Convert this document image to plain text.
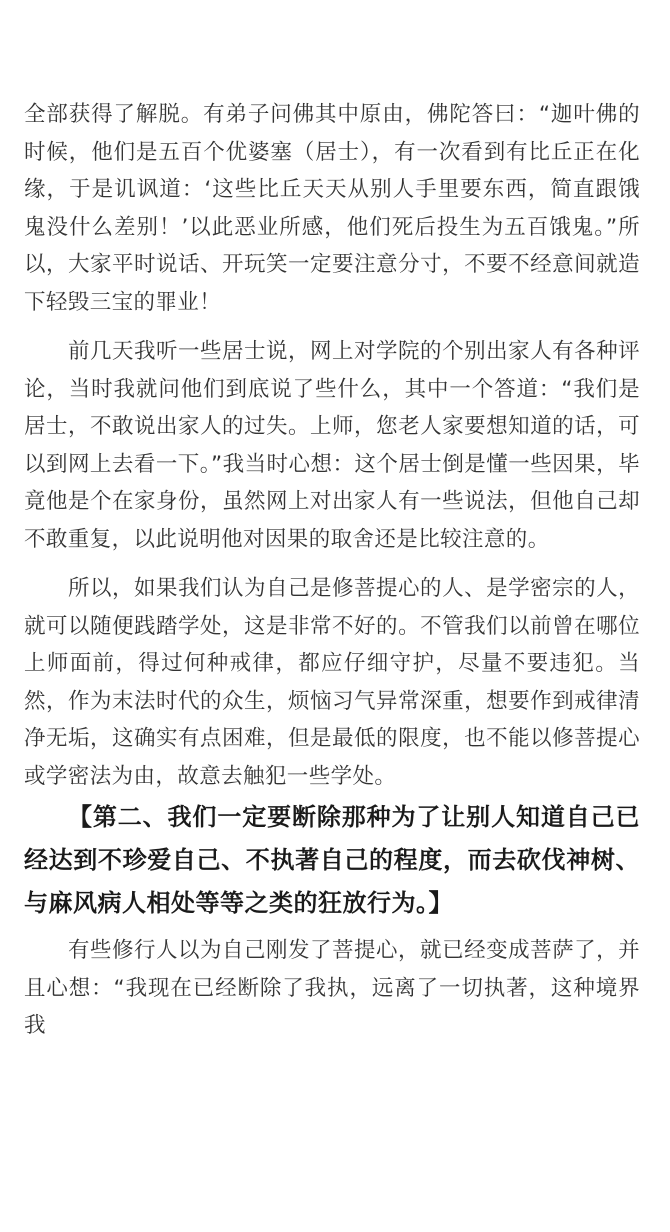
全部获得了解脱。有弟子问佛其中原由，佛陀答曰：“迦叶佛的时候，他们是五百个优婆塞（居士），有一次看到有比丘正在化缘，于是讥讽道：‘这些比丘天天从别人手里要东西，简直跟饿鬼没什么差别！’以此恶业所感，他们死后投生为五百饿鬼。”所以，大家平时说话、开玩笑一定要注意分寸，不要不经意间就造下轻毁三宝的罪业！

前几天我听一些居士说，网上对学院的个别出家人有各种评论，当时我就问他们到底说了些什么，其中一个答道：“我们是居士，不敢说出家人的过失。上师，您老人家要想知道的话，可以到网上去看一下。”我当时心想：这个居士倒是懂一些因果，毕竟他是个在家身份，虽然网上对出家人有一些说法，但他自己却不敢重复，以此说明他对因果的取舍还是比较注意的。

所以，如果我们认为自己是修菩提心的人、是学密宗的人，就可以随便践踏学处，这是非常不好的。不管我们以前曾在哪位上师面前，得过何种戒律，都应仔细守护，尽量不要违犯。当然，作为末法时代的众生，烦恼习气异常深重，想要作到戒律清净无垢，这确实有点困难，但是最低的限度，也不能以修菩提心或学密法为由，故意去触犯一些学处。

【第二、我们一定要断除那种为了让别人知道自己已经达到不珍爱自己、不执著自己的程度，而去砍伐神树、与麻风病人相处等等之类的狂放行为。】

有些修行人以为自己刚发了菩提心，就已经变成菩萨了，并且心想：“我现在已经断除了我执，远离了一切执著，这种境界我
